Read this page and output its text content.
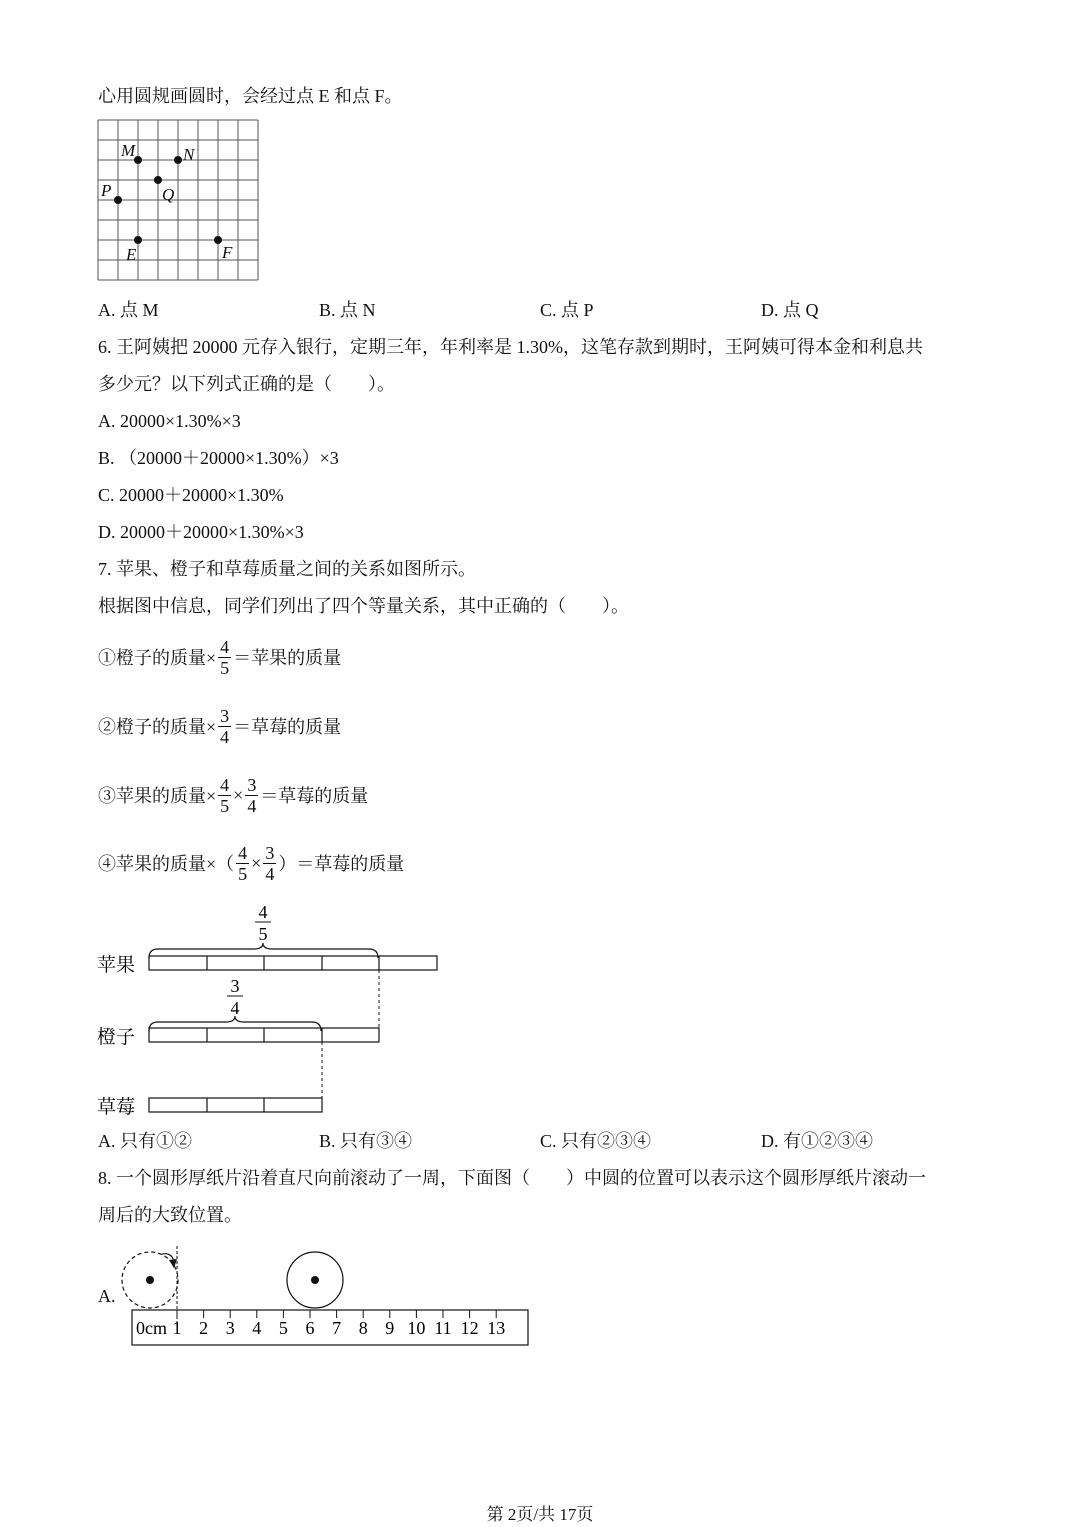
心用圆规画圆时，会经过点 E 和点 F。
M	N
P	Q
E	F
A. 点 M	B. 点 N	C. 点 P	D. 点 Q
6. 王阿姨把 20000 元存入银行，定期三年，年利率是 1.30%，这笔存款到期时，王阿姨可得本金和利息共
多少元？以下列式正确的是（　　）。
A. 20000×1.30%×3
B. （20000＋20000×1.30%）×3
C. 20000＋20000×1.30%
D. 20000＋20000×1.30%×3
7. 苹果、橙子和草莓质量之间的关系如图所示。
根据图中信息，同学们列出了四个等量关系，其中正确的（　　）。
①橙子的质量× $\frac{4}{5}$ ＝苹果的质量
②橙子的质量× $\frac{3}{4}$ ＝草莓的质量
③苹果的质量× $\frac{4}{5} \times \frac{3}{4}$ ＝草莓的质量
④苹果的质量×（ $\frac{4}{5} \times \frac{3}{4}$ ）＝草莓的质量
4
5
苹果
3
4
橙子
草莓
A. 只有①②	B. 只有③④	C. 只有②③④	D. 有①②③④
8. 一个圆形厚纸片沿着直尺向前滚动了一周，下面图（　　）中圆的位置可以表示这个圆形厚纸片滚动一
周后的大致位置。
A.
0cm 1 2 3 4 5 6 7 8 9 10 11 12 13
第 2页/共 17页
